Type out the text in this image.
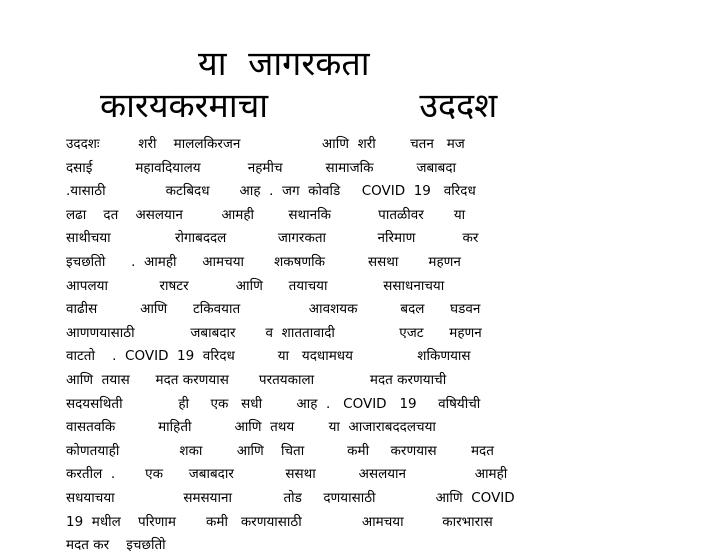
या  जागरकता
कारयकरमाचा              उददश
उददशः         शरी    माललकिरजन                   आणि  शरी        चतन   मज
दसाई          महावदियालय           नहमीच          सामाजकि          जबाबदा
.यासाठी              कटबिदध       आह  .  जग  कोवडि     COVID  19   वरिदध
लढा    दत    असलयान         आमही        सथानकि           पातळीवर       या
साथीचया               रोगाबददल            जागरकता            नरिमाण           कर
इचछतिो      .  आमही      आमचया       शकषणकि          ससथा       महणन
आपलया            राषटर           आणि      तयाचया             ससाधनाचया
वाढीस          आणि      टकिवयात                आवशयक          बदल      घडवन
आणणयासाठी             जबाबदार       व  शाततावादी               एजट      महणन
वाटतो    .  COVID  19  वरिदध          या   यदधामधय               शकिणयास
आणि  तयास      मदत करणयास       परतयकाला             मदत करणयाची
सदयसथिती             ही     एक   सधी        आह  .   COVID   19     वषियीची
वासतवकि          माहिती          आणि  तथय        या  आजाराबददलचया
कोणतयाही              शका        आणि    चिता          कमी     करणयास        मदत
करतील  .       एक      जबाबदार            ससथा          असलयान                आमही
सधयाचया                समसयाना            तोड     दणयासाठी              आणि  COVID
19  मधील    परिणाम       कमी   करणयासाठी              आमचया         कारभारास
मदत कर    इचछतिो
